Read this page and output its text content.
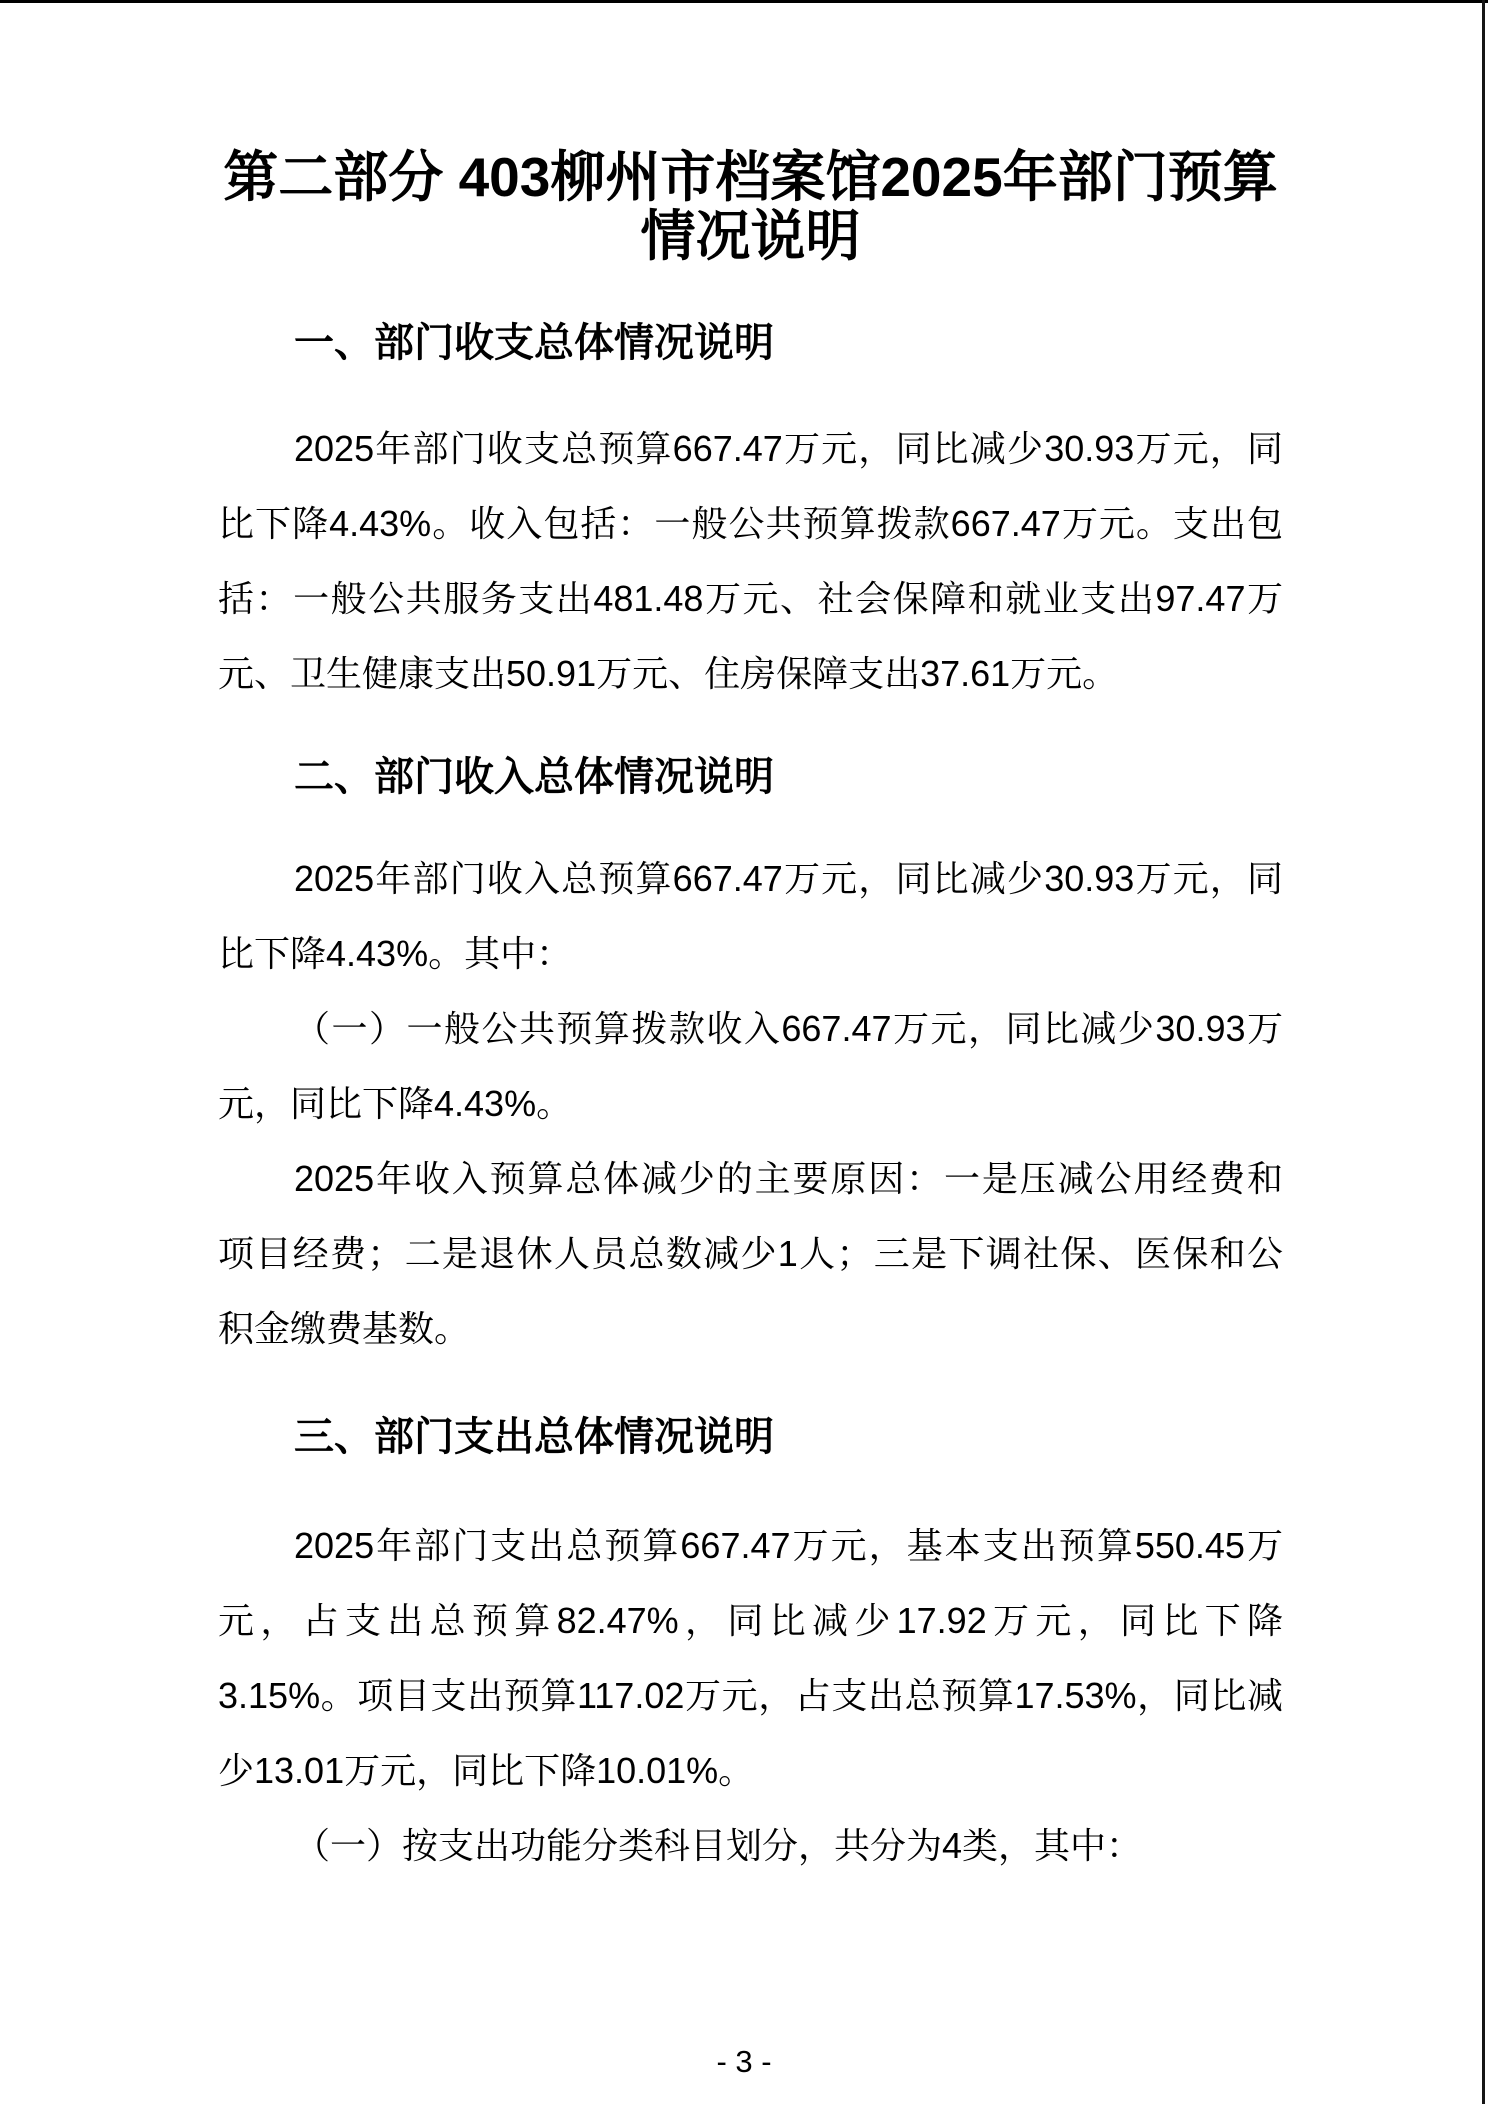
第二部分 403柳州市档案馆2025年部门预算
情况说明
一、部门收支总体情况说明
2025年部门收支总预算667.47万元，同比减少30.93万元，同
比下降4.43%。收入包括：一般公共预算拨款667.47万元。支出包
括：一般公共服务支出481.48万元、社会保障和就业支出97.47万
元、卫生健康支出50.91万元、住房保障支出37.61万元。
二、部门收入总体情况说明
2025年部门收入总预算667.47万元，同比减少30.93万元，同
比下降4.43%。其中：
（一）一般公共预算拨款收入667.47万元，同比减少30.93万
元，同比下降4.43%。
2025年收入预算总体减少的主要原因：一是压减公用经费和
项目经费；二是退休人员总数减少1人；三是下调社保、医保和公
积金缴费基数。
三、部门支出总体情况说明
2025年部门支出总预算667.47万元，基本支出预算550.45万
元，占支出总预算82.47%，同比减少17.92万元，同比下降
3.15%。项目支出预算117.02万元，占支出总预算17.53%，同比减
少13.01万元，同比下降10.01%。
（一）按支出功能分类科目划分，共分为4类，其中：
- 3 -
